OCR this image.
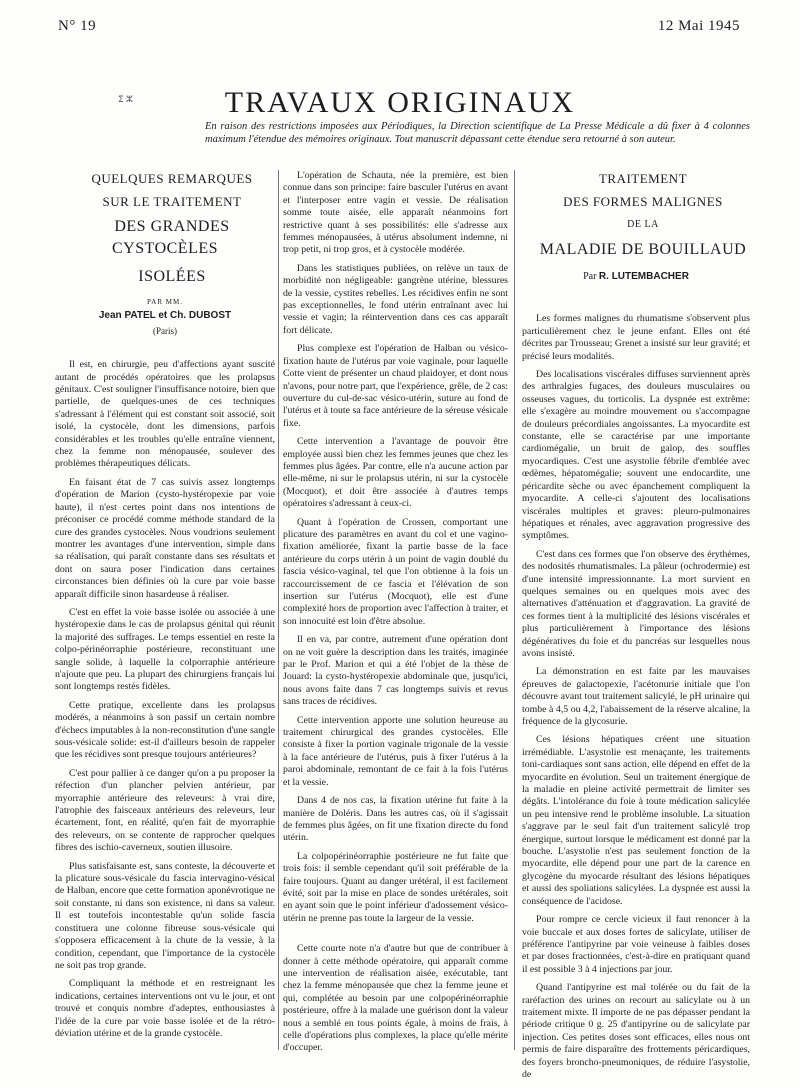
N° 19	12 Mai 1945
TRAVAUX ORIGINAUX
ⵉ ⵣ
En raison des restrictions imposées aux Périodiques, la Direction scientifique de La Presse Médicale a dû fixer à 4 colonnes maximum l'étendue des mémoires originaux. Tout manuscrit dépassant cette étendue sera retourné à son auteur.

QUELQUES REMARQUES

SUR LE TRAITEMENT

DES GRANDES CYSTOCÈLES

ISOLÉES

PAR MM.
Jean PATEL et Ch. DUBOST
(Paris)

Il est, en chirurgie, peu d'affections ayant suscité autant de procédés opératoires que les prolapsus génitaux. C'est souligner l'insuffisance notoire, bien que partielle, de quelques-unes de ces techniques s'adressant à l'élément qui est constant soit associé, soit isolé, la cystocèle, dont les dimensions, parfois considérables et les troubles qu'elle entraîne viennent, chez la femme non ménopausée, soulever des problèmes thérapeutiques délicats.

En faisant état de 7 cas suivis assez longtemps d'opération de Marion (cysto-hystéropexie par voie haute), il n'est certes point dans nos intentions de préconiser ce procédé comme méthode standard de la cure des grandes cystocèles. Nous voudrions seulement montrer les avantages d'une intervention, simple dans sa réalisation, qui paraît constante dans ses résultats et dont on saura poser l'indication dans certaines circonstances bien définies où la cure par voie basse apparaît difficile sinon hasardeuse à réaliser.

C'est en effet la voie basse isolée ou associée à une hystéropexie dans le cas de prolapsus génital qui réunit la majorité des suffrages. Le temps essentiel en reste la colpo-périnéorraphie postérieure, reconstituant une sangle solide, à laquelle la colporraphie antérieure n'ajoute que peu. La plupart des chirurgiens français lui sont longtemps restés fidèles.

Cette pratique, excellente dans les prolapsus modérés, a néanmoins à son passif un certain nombre d'échecs imputables à la non-reconstitution d'une sangle sous-vésicale solide: est-il d'ailleurs besoin de rappeler que les récidives sont presque toujours antérieures?

C'est pour pallier à ce danger qu'on a pu proposer la réfection d'un plancher pelvien antérieur, par myorraphie antérieure des releveurs: à vrai dire, l'atrophie des faisceaux antérieurs des releveurs, leur écartement, font, en réalité, qu'en fait de myorraphie des releveurs, on se contente de rapprocher quelques fibres des ischio-caverneux, soutien illusoire.

Plus satisfaisante est, sans conteste, la découverte et la plicature sous-vésicale du fascia intervagino-vésical de Halban, encore que cette formation aponévrotique ne soit constante, ni dans son existence, ni dans sa valeur. Il est toutefois incontestable qu'un solide fascia constituera une colonne fibreuse sous-vésicale qui s'opposera efficacement à la chute de la vessie, à la condition, cependant, que l'importance de la cystocèle ne soit pas trop grande.

Compliquant la méthode et en restreignant les indications, certaines interventions ont vu le jour, et ont trouvé et conquis nombre d'adeptes, enthousiastes à l'idée de la cure par voie basse isolée et de la rétro-déviation utérine et de la grande cystocèle.

L'opération de Schauta, née la première, est bien connue dans son principe: faire basculer l'utérus en avant et l'interposer entre vagin et vessie. De réalisation somme toute aisée, elle apparaît néanmoins fort restrictive quant à ses possibilités: elle s'adresse aux femmes ménopausées, à utérus absolument indemne, ni trop petit, ni trop gros, et à cystocèle modérée.

Dans les statistiques publiées, on relève un taux de morbidité non négligeable: gangrène utérine, blessures de la vessie, cystites rebelles. Les récidives enfin ne sont pas exceptionnelles, le fond utérin entraînant avec lui vessie et vagin; la réintervention dans ces cas apparaît fort délicate.

Plus complexe est l'opération de Halban ou vésico-fixation haute de l'utérus par voie vaginale, pour laquelle Cotte vient de présenter un chaud plaidoyer, et dont nous n'avons, pour notre part, que l'expérience, grêle, de 2 cas: ouverture du cul-de-sac vésico-utérin, suture au fond de l'utérus et à toute sa face antérieure de la séreuse vésicale fixe.

Cette intervention a l'avantage de pouvoir être employée aussi bien chez les femmes jeunes que chez les femmes plus âgées. Par contre, elle n'a aucune action par elle-même, ni sur le prolapsus utérin, ni sur la cystocèle (Mocquot), et doit être associée à d'autres temps opératoires s'adressant à ceux-ci.

Quant à l'opération de Crossen, comportant une plicature des paramètres en avant du col et une vagino-fixation améliorée, fixant la partie basse de la face antérieure du corps utérin à un point de vagin doublé du fascia vésico-vaginal, tel que l'on obtienne à la fois un raccourcissement de ce fascia et l'élévation de son insertion sur l'utérus (Mocquot), elle est d'une complexité hors de proportion avec l'affection à traiter, et son innocuité est loin d'être absolue.

Il en va, par contre, autrement d'une opération dont on ne voit guère la description dans les traités, imaginée par le Prof. Marion et qui a été l'objet de la thèse de Jouard: la cysto-hystéropexie abdominale que, jusqu'ici, nous avons faite dans 7 cas longtemps suivis et revus sans traces de récidives.

Cette intervention apporte une solution heureuse au traitement chirurgical des grandes cystocèles. Elle consiste à fixer la portion vaginale trigonale de la vessie à la face antérieure de l'utérus, puis à fixer l'utérus à la paroi abdominale, remontant de ce fait à la fois l'utérus et la vessie.

Dans 4 de nos cas, la fixation utérine fut faite à la manière de Doléris. Dans les autres cas, où il s'agissait de femmes plus âgées, on fit une fixation directe du fond utérin.

La colpopérinéorraphie postérieure ne fut faite que trois fois: il semble cependant qu'il soit préférable de la faire toujours. Quant au danger urétéral, il est facilement évité, soit par la mise en place de sondes urétérales, soit en ayant soin que le point inférieur d'adossement vésico-utérin ne prenne pas toute la largeur de la vessie.

Cette courte note n'a d'autre but que de contribuer à donner à cette méthode opératoire, qui apparaît comme une intervention de réalisation aisée, exécutable, tant chez la femme ménopausée que chez la femme jeune et qui, complétée au besoin par une colpopérinéorraphie postérieure, offre à la malade une guérison dont la valeur nous a semblé en tous points égale, à moins de frais, à celle d'opérations plus complexes, la place qu'elle mérite d'occuper.

TRAITEMENT

DES FORMES MALIGNES

DE LA

MALADIE DE BOUILLAUD

Par R. LUTEMBACHER

Les formes malignes du rhumatisme s'observent plus particulièrement chez le jeune enfant. Elles ont été décrites par Trousseau; Grenet a insisté sur leur gravité; et précisé leurs modalités.

Des localisations viscérales diffuses surviennent après des arthralgies fugaces, des douleurs musculaires ou osseuses vagues, du torticolis. La dyspnée est extrême: elle s'exagère au moindre mouvement ou s'accompagne de douleurs précordiales angoissantes. La myocardite est constante, elle se caractérise par une importante cardiomégalie, un bruit de galop, des souffles myocardiques. C'est une asystolie fébrile d'emblée avec œdèmes, hépatomégalie; souvent une endocardite, une péricardite sèche ou avec épanchement compliquent la myocardite. A celle-ci s'ajoutent des localisations viscérales multiples et graves: pleuro-pulmonaires hépatiques et rénales, avec aggravation progressive des symptômes.

C'est dans ces formes que l'on observe des érythèmes, des nodosités rhumatismales. La pâleur (ochrodermie) est d'une intensité impressionnante. La mort survient en quelques semaines ou en quelques mois avec des alternatives d'atténuation et d'aggravation. La gravité de ces formes tient à la multiplicité des lésions viscérales et plus particulièrement à l'importance des lésions dégénératives du foie et du pancréas sur lesquelles nous avons insisté.

La démonstration en est faite par les mauvaises épreuves de galactopexie, l'acétonurie initiale que l'on découvre avant tout traitement salicylé, le pH urinaire qui tombe à 4,5 ou 4,2, l'abaissement de la réserve alcaline, la fréquence de la glycosurie.

Ces lésions hépatiques créent une situation irrémédiable. L'asystolie est menaçante, les traitements toni-cardiaques sont sans action, elle dépend en effet de la myocardite en évolution. Seul un traitement énergique de la maladie en pleine activité permettrait de limiter ses dégâts. L'intolérance du foie à toute médication salicylée un peu intensive rend le problème insoluble. La situation s'aggrave par le seul fait d'un traitement salicylé trop énergique, surtout lorsque le médicament est donné par la bouche. L'asystolie n'est pas seulement fonction de la myocardite, elle dépend pour une part de la carence en glycogène du myocarde résultant des lésions hépatiques et aussi des spoliations salicylées. La dyspnée est aussi la conséquence de l'acidose.

Pour rompre ce cercle vicieux il faut renoncer à la voie buccale et aux doses fortes de salicylate, utiliser de préférence l'antipyrine par voie veineuse à faibles doses et par doses fractionnées, c'est-à-dire en pratiquant quand il est possible 3 à 4 injections par jour.

Quand l'antipyrine est mal tolérée ou du fait de la raréfaction des urines on recourt au salicylate ou à un traitement mixte. Il importe de ne pas dépasser pendant la période critique 0 g. 25 d'antipyrine ou de salicylate par injection. Ces petites doses sont efficaces, elles nous ont permis de faire disparaître des frottements péricardiques, des foyers broncho-pneumoniques, de réduire l'asystolie, de
